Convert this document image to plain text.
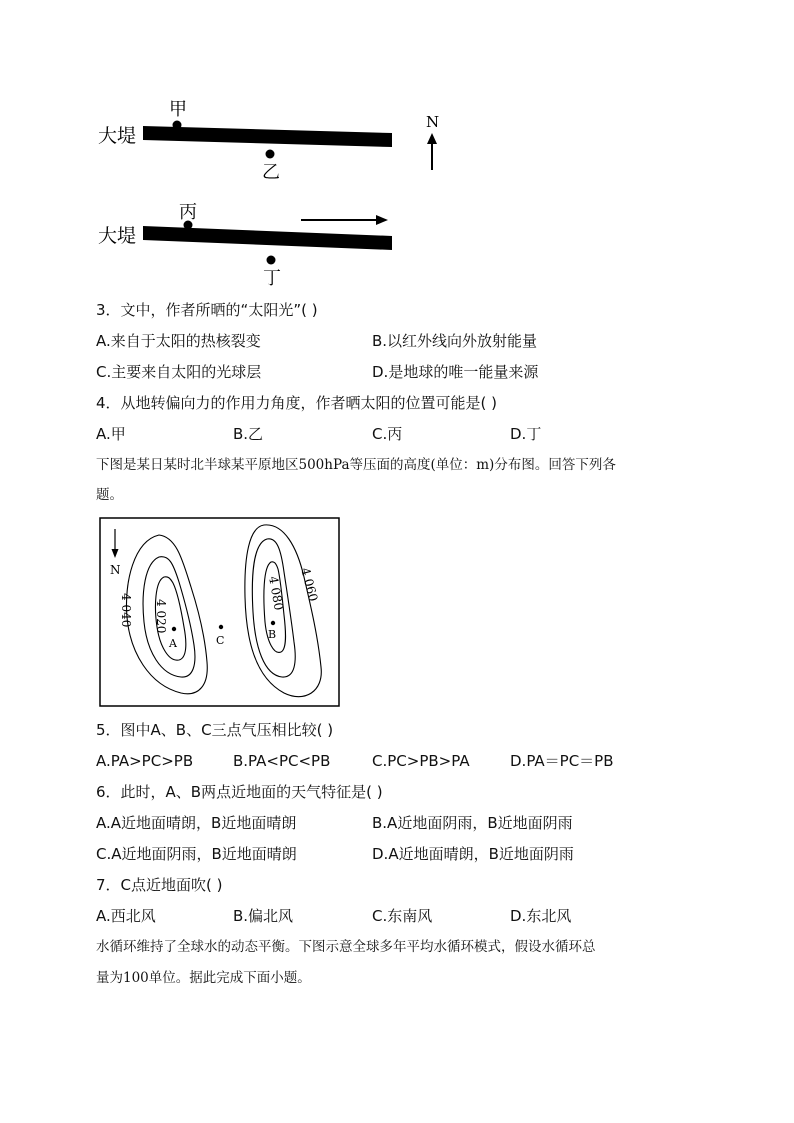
大堤
甲
乙
N
大堤
丙
丁
3．文中，作者所晒的“太阳光”( )
A.来自于太阳的热核裂变	B.以红外线向外放射能量
C.主要来自太阳的光球层	D.是地球的唯一能量来源
4．从地转偏向力的作用力角度，作者晒太阳的位置可能是( )
A.甲	B.乙	C.丙	D.丁
下图是某日某时北半球某平原地区500hPa等压面的高度(单位：m)分布图。回答下列各
题。
N
4 040 4 020
4 080 4 060
A
B
C
5．图中A、B、C三点气压相比较( )
A.PA>PC>PB	B.PA<PC<PB	C.PC>PB>PA	D.PA＝PC＝PB
6．此时，A、B两点近地面的天气特征是( )
A.A近地面晴朗，B近地面晴朗	B.A近地面阴雨，B近地面阴雨
C.A近地面阴雨，B近地面晴朗	D.A近地面晴朗，B近地面阴雨
7．C点近地面吹( )
A.西北风	B.偏北风	C.东南风	D.东北风
水循环维持了全球水的动态平衡。下图示意全球多年平均水循环模式，假设水循环总
量为100单位。据此完成下面小题。
